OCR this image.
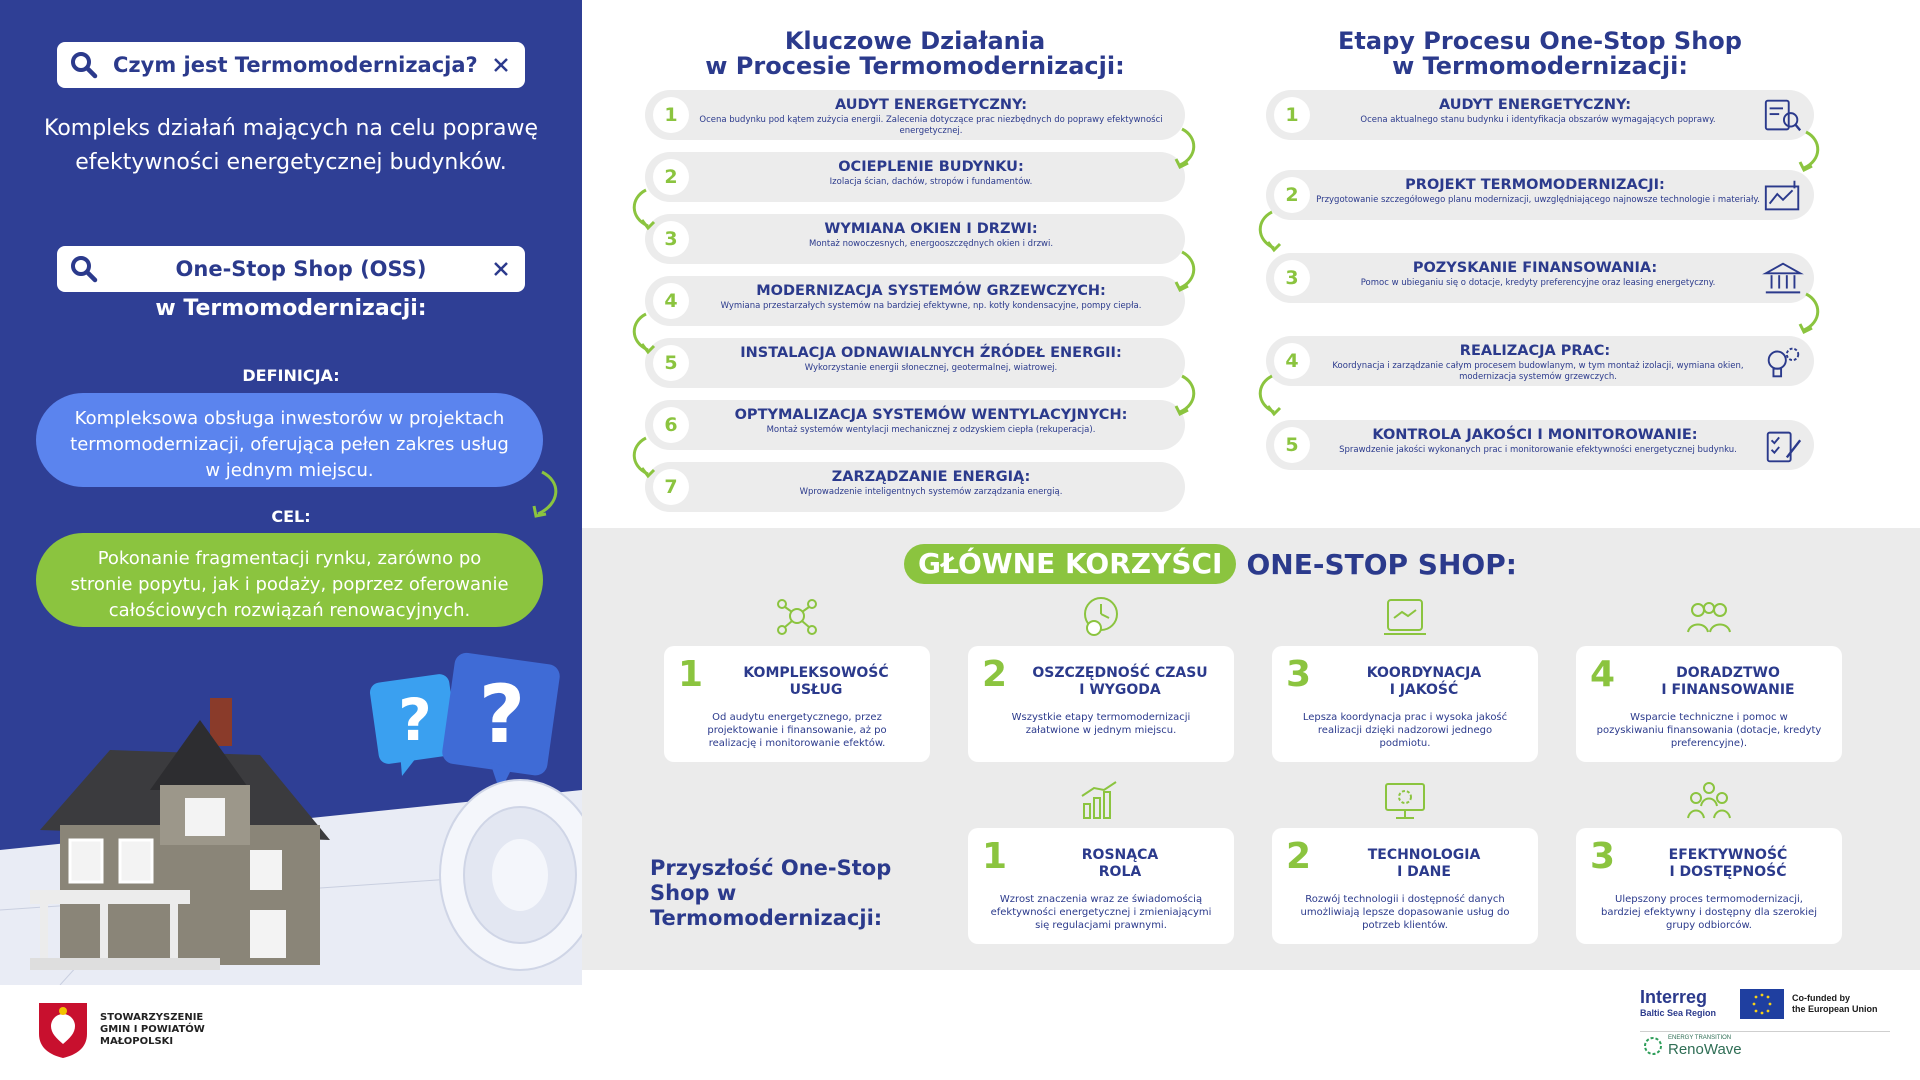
Czym jest Termomodernizacja?
Kompleks działań mających na celu poprawę efektywności energetycznej budynków.
One-Stop Shop (OSS)
w Termomodernizacji:
DEFINICJA:
Kompleksowa obsługa inwestorów w projektach termomodernizacji, oferująca pełen zakres usług w jednym miejscu.
CEL:
Pokonanie fragmentacji rynku, zarówno po stronie popytu, jak i podaży, poprzez oferowanie całościowych rozwiązań renowacyjnych.
? ?
Kluczowe Działania
w Procesie Termomodernizacji:
Etapy Procesu One-Stop Shop
w Termomodernizacji:
GŁÓWNE KORZYŚCI ONE-STOP SHOP:
Przyszłość One-Stop Shop w Termomodernizacji:
STOWARZYSZENIE
GMIN I POWIATÓW
MAŁOPOLSKI
Interreg
Baltic Sea Region
Co-funded by
the European Union
ENERGY TRANSITION
RenoWave
1	AUDYT ENERGETYCZNY:
Ocena budynku pod kątem zużycia energii. Zalecenia dotyczące prac niezbędnych do poprawy efektywności energetycznej.
2	OCIEPLENIE BUDYNKU:
Izolacja ścian, dachów, stropów i fundamentów.
3	WYMIANA OKIEN I DRZWI:
Montaż nowoczesnych, energooszczędnych okien i drzwi.
4	MODERNIZACJA SYSTEMÓW GRZEWCZYCH:
Wymiana przestarzałych systemów na bardziej efektywne, np. kotły kondensacyjne, pompy ciepła.
5	INSTALACJA ODNAWIALNYCH ŹRÓDEŁ ENERGII:
Wykorzystanie energii słonecznej, geotermalnej, wiatrowej.
6	OPTYMALIZACJA SYSTEMÓW WENTYLACYJNYCH:
Montaż systemów wentylacji mechanicznej z odzyskiem ciepła (rekuperacja).
7	ZARZĄDZANIE ENERGIĄ:
Wprowadzenie inteligentnych systemów zarządzania energią.
1	AUDYT ENERGETYCZNY:
Ocena aktualnego stanu budynku i identyfikacja obszarów wymagających poprawy.
2	PROJEKT TERMOMODERNIZACJI:
Przygotowanie szczegółowego planu modernizacji, uwzględniającego najnowsze technologie i materiały.
3	POZYSKANIE FINANSOWANIA:
Pomoc w ubieganiu się o dotacje, kredyty preferencyjne oraz leasing energetyczny.
4	REALIZACJA PRAC:
Koordynacja i zarządzanie całym procesem budowlanym, w tym montaż izolacji, wymiana okien, modernizacja systemów grzewczych.
5	KONTROLA JAKOŚCI I MONITOROWANIE:
Sprawdzenie jakości wykonanych prac i monitorowanie efektywności energetycznej budynku.
1	KOMPLEKSOWOŚĆ
USŁUG
Od audytu energetycznego, przez projektowanie i finansowanie, aż po realizację i monitorowanie efektów.
2	OSZCZĘDNOŚĆ CZASU
I WYGODA
Wszystkie etapy termomodernizacji załatwione w jednym miejscu.
3	KOORDYNACJA
I JAKOŚĆ
Lepsza koordynacja prac i wysoka jakość realizacji dzięki nadzorowi jednego podmiotu.
4	DORADZTWO
I FINANSOWANIE
Wsparcie techniczne i pomoc w pozyskiwaniu finansowania (dotacje, kredyty preferencyjne).
1	ROSNĄCA
ROLA
Wzrost znaczenia wraz ze świadomością efektywności energetycznej i zmieniającymi się regulacjami prawnymi.
2	TECHNOLOGIA
I DANE
Rozwój technologii i dostępność danych umożliwiają lepsze dopasowanie usług do potrzeb klientów.
3	EFEKTYWNOŚĆ
I DOSTĘPNOŚĆ
Ulepszony proces termomodernizacji, bardziej efektywny i dostępny dla szerokiej grupy odbiorców.
